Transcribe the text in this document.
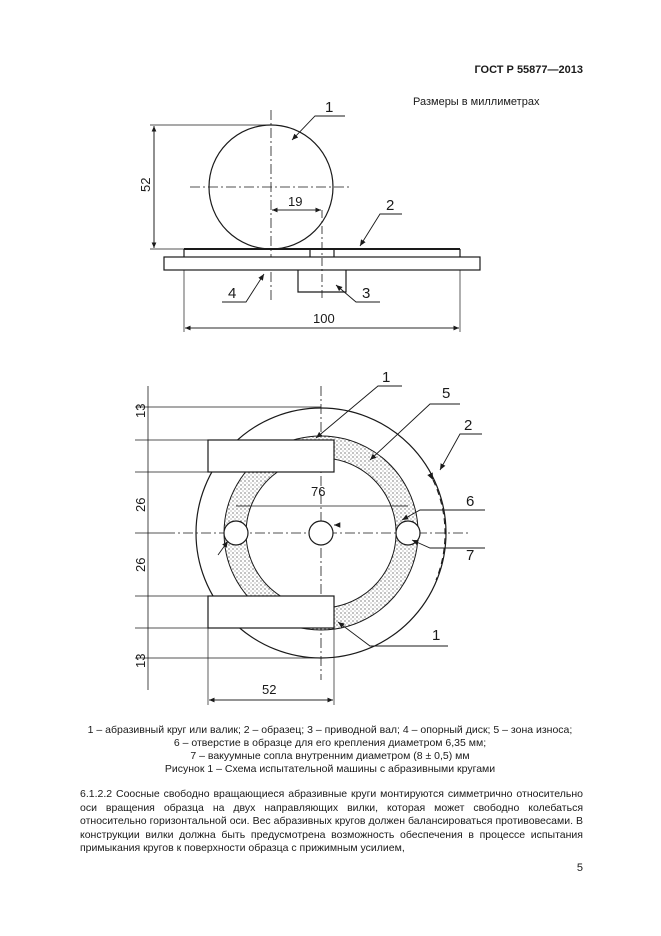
ГОСТ Р 55877—2013
Размеры в миллиметрах
52
19
100
1
2
3
4
13
26
26
13
76
52
1
5
2
6
7
1
1 – абразивный круг или валик; 2 – образец; 3 – приводной вал; 4 – опорный диск; 5 – зона износа;
6 – отверстие в образце для его крепления диаметром 6,35 мм;
7 – вакуумные сопла внутренним диаметром (8 ± 0,5) мм
Рисунок 1 – Схема испытательной машины с абразивными кругами

6.1.2.2 Соосные свободно вращающиеся абразивные круги монтируются симметрично относительно оси вращения образца на двух направляющих вилки, которая может свободно колебаться относительно горизонтальной оси. Вес абразивных кругов должен балансироваться противовесами. В конструкции вилки должна быть предусмотрена возможность обеспечения в процессе испытания примыкания кругов к поверхности образца с прижимным усилием,

5
